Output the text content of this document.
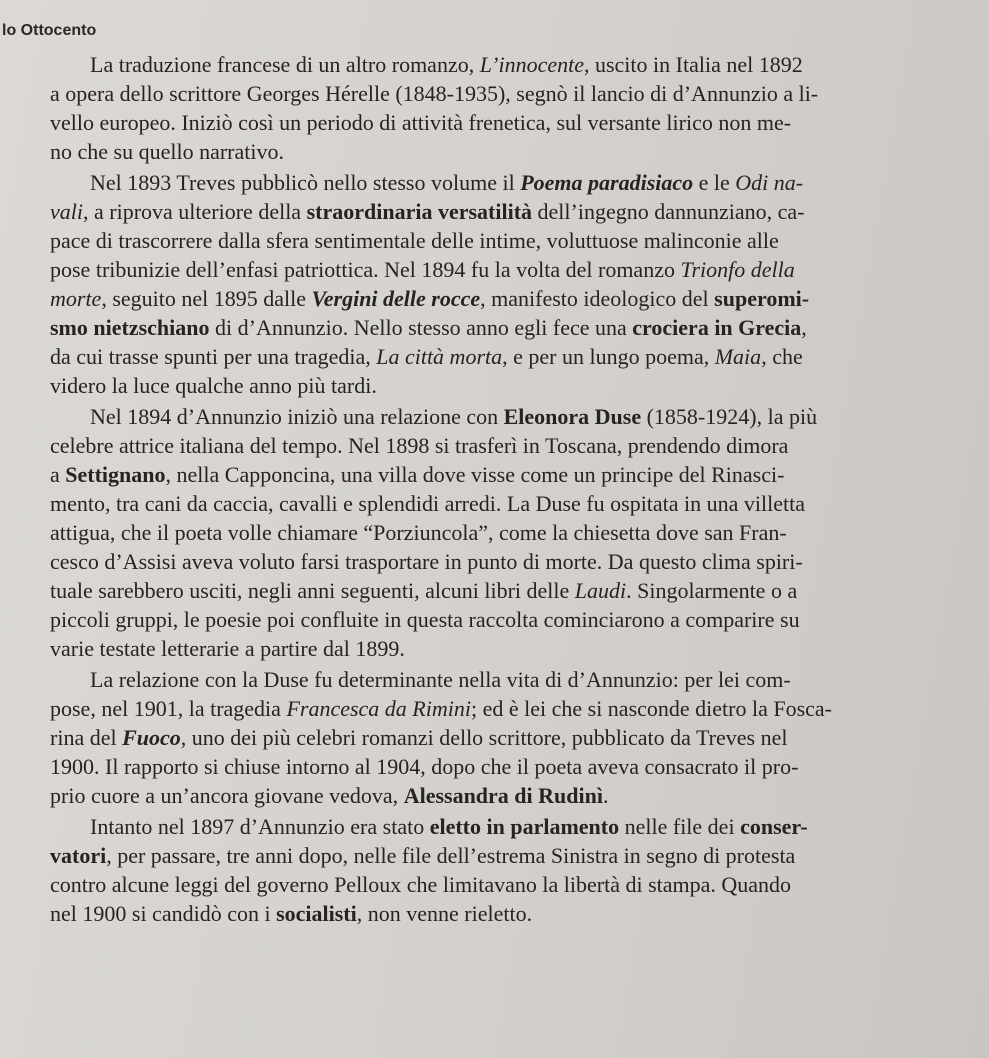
lo Ottocento

La traduzione francese di un altro romanzo, L’innocente, uscito in Italia nel 1892
a opera dello scrittore Georges Hérelle (1848-1935), segnò il lancio di d’Annunzio a li-
vello europeo. Iniziò così un periodo di attività frenetica, sul versante lirico non me-
no che su quello narrativo.
Nel 1893 Treves pubblicò nello stesso volume il Poema paradisiaco e le Odi na-
vali, a riprova ulteriore della straordinaria versatilità dell’ingegno dannunziano, ca-
pace di trascorrere dalla sfera sentimentale delle intime, voluttuose malinconie alle
pose tribunizie dell’enfasi patriottica. Nel 1894 fu la volta del romanzo Trionfo della
morte, seguito nel 1895 dalle Vergini delle rocce, manifesto ideologico del superomi-
smo nietzschiano di d’Annunzio. Nello stesso anno egli fece una crociera in Grecia,
da cui trasse spunti per una tragedia, La città morta, e per un lungo poema, Maia, che
videro la luce qualche anno più tardi.
Nel 1894 d’Annunzio iniziò una relazione con Eleonora Duse (1858-1924), la più
celebre attrice italiana del tempo. Nel 1898 si trasferì in Toscana, prendendo dimora
a Settignano, nella Capponcina, una villa dove visse come un principe del Rinasci-
mento, tra cani da caccia, cavalli e splendidi arredi. La Duse fu ospitata in una villetta
attigua, che il poeta volle chiamare “Porziuncola”, come la chiesetta dove san Fran-
cesco d’Assisi aveva voluto farsi trasportare in punto di morte. Da questo clima spiri-
tuale sarebbero usciti, negli anni seguenti, alcuni libri delle Laudi. Singolarmente o a
piccoli gruppi, le poesie poi confluite in questa raccolta cominciarono a comparire su
varie testate letterarie a partire dal 1899.
La relazione con la Duse fu determinante nella vita di d’Annunzio: per lei com-
pose, nel 1901, la tragedia Francesca da Rimini; ed è lei che si nasconde dietro la Fosca-
rina del Fuoco, uno dei più celebri romanzi dello scrittore, pubblicato da Treves nel
1900. Il rapporto si chiuse intorno al 1904, dopo che il poeta aveva consacrato il pro-
prio cuore a un’ancora giovane vedova, Alessandra di Rudinì.
Intanto nel 1897 d’Annunzio era stato eletto in parlamento nelle file dei conser-
vatori, per passare, tre anni dopo, nelle file dell’estrema Sinistra in segno di protesta
contro alcune leggi del governo Pelloux che limitavano la libertà di stampa. Quando
nel 1900 si candidò con i socialisti, non venne rieletto.
